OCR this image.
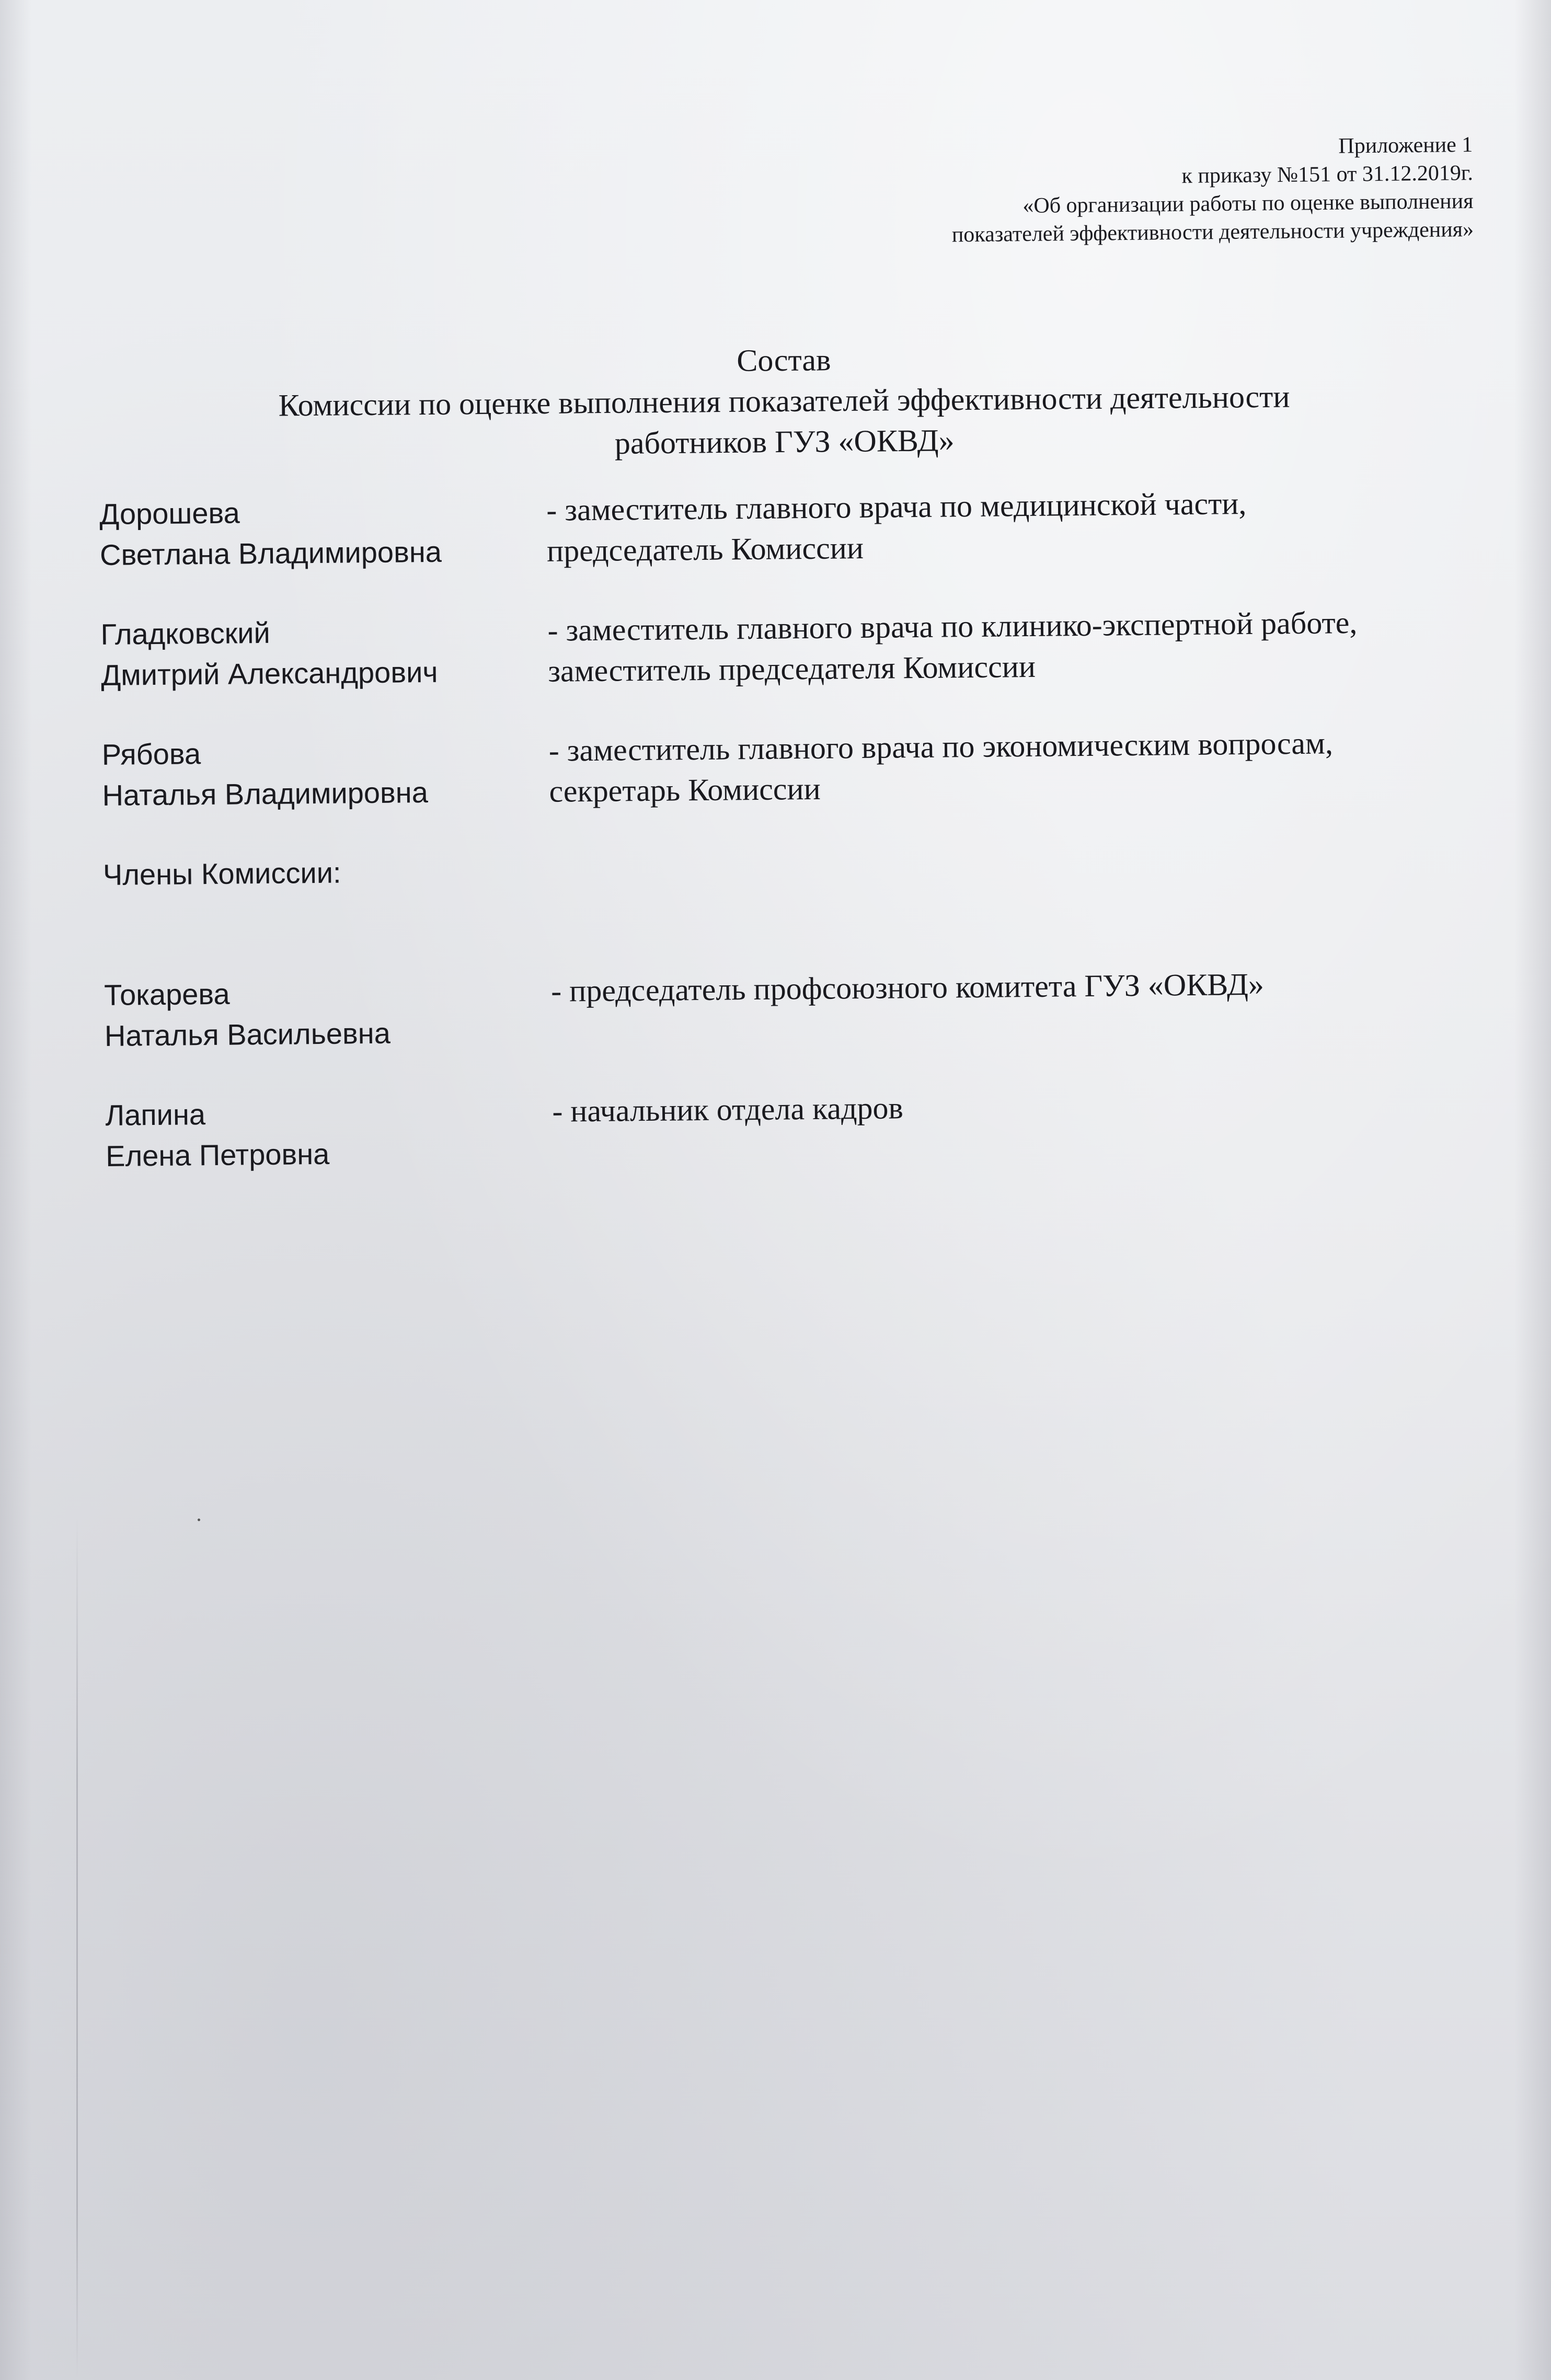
Приложение 1
к приказу №151 от 31.12.2019г.
«Об организации работы по оценке выполнения
показателей эффективности деятельности учреждения»
Состав
Комиссии по оценке выполнения показателей эффективности деятельности
работников ГУЗ «ОКВД»
Дорошева
Светлана Владимировна
- заместитель главного врача по медицинской части,
председатель Комиссии
Гладковский
Дмитрий Александрович
- заместитель главного врача по клинико-экспертной работе,
заместитель председателя Комиссии
Рябова
Наталья Владимировна
- заместитель главного врача по экономическим вопросам,
секретарь Комиссии
Члены Комиссии:
Токарева
Наталья Васильевна
- председатель профсоюзного комитета ГУЗ «ОКВД»
Лапина
Елена Петровна
- начальник отдела кадров
